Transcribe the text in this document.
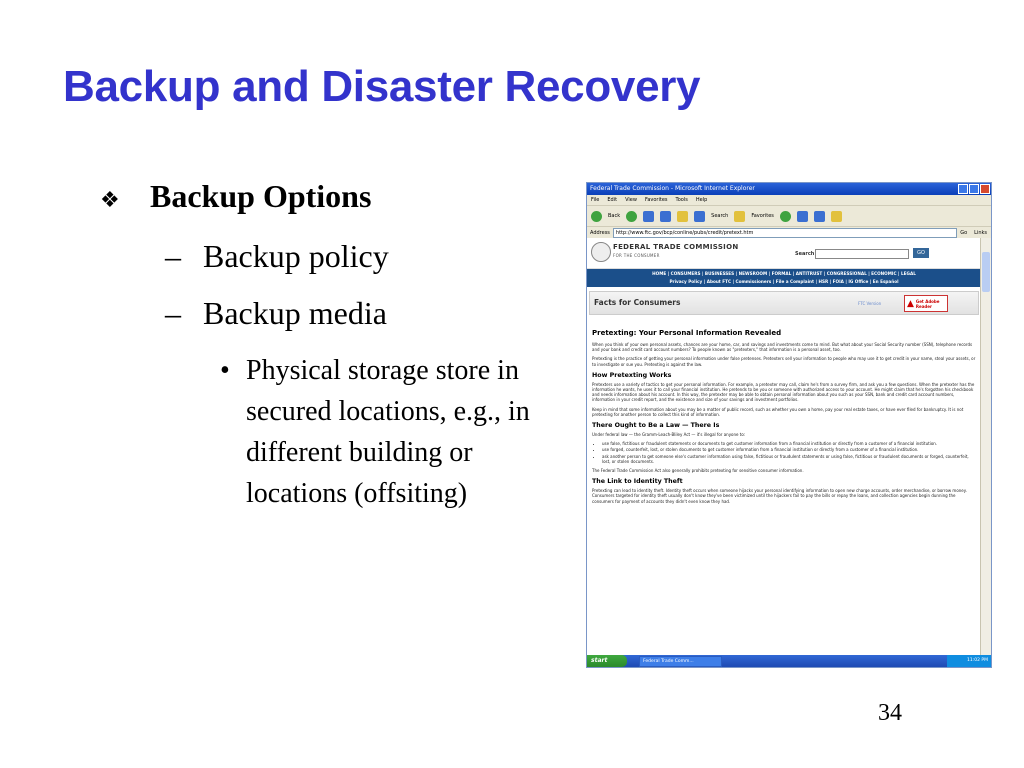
Backup and Disaster Recovery
❖ Backup Options
– Backup policy
– Backup media
• Physical storage store in secured locations, e.g., in different building or locations (offsiting)
Federal Trade Commission - Microsoft Internet Explorer
File Edit View Favorites Tools Help
Back	Search	Favorites
Address	http://www.ftc.gov/bcp/conline/pubs/credit/pretext.htm	Go	Links
FEDERAL TRADE COMMISSION
FOR THE CONSUMER	Search	GO
HOME | CONSUMERS | BUSINESSES | NEWSROOM | FORMAL | ANTITRUST | CONGRESSIONAL | ECONOMIC | LEGAL
Privacy Policy | About FTC | Commissioners | File a Complaint | HSR | FOIA | IG Office | En Español
Facts for Consumers	FTC Version	▲ Get Adobe Reader
Pretexting: Your Personal Information Revealed

When you think of your own personal assets, chances are your home, car, and savings and investments come to mind. But what about your Social Security number (SSN), telephone records and your bank and credit card account numbers? To people known as "pretexters," that information is a personal asset, too.

Pretexting is the practice of getting your personal information under false pretenses. Pretexters sell your information to people who may use it to get credit in your name, steal your assets, or to investigate or sue you. Pretexting is against the law.

How Pretexting Works

Pretexters use a variety of tactics to get your personal information. For example, a pretexter may call, claim he's from a survey firm, and ask you a few questions. When the pretexter has the information he wants, he uses it to call your financial institution. He pretends to be you or someone with authorized access to your account. He might claim that he's forgotten his checkbook and needs information about his account. In this way, the pretexter may be able to obtain personal information about you such as your SSN, bank and credit card account numbers, information in your credit report, and the existence and size of your savings and investment portfolios.

Keep in mind that some information about you may be a matter of public record, such as whether you own a home, pay your real estate taxes, or have ever filed for bankruptcy. It is not pretexting for another person to collect this kind of information.

There Ought to Be a Law — There Is

Under federal law — the Gramm-Leach-Bliley Act — it's illegal for anyone to:

• use false, fictitious or fraudulent statements or documents to get customer information from a financial institution or directly from a customer of a financial institution.
• use forged, counterfeit, lost, or stolen documents to get customer information from a financial institution or directly from a customer of a financial institution.
• ask another person to get someone else's customer information using false, fictitious or fraudulent statements or using false, fictitious or fraudulent documents or forged, counterfeit, lost, or stolen documents.

The Federal Trade Commission Act also generally prohibits pretexting for sensitive consumer information.

The Link to Identity Theft

Pretexting can lead to identity theft. Identity theft occurs when someone hijacks your personal identifying information to open new charge accounts, order merchandise, or borrow money. Consumers targeted for identity theft usually don't know they've been victimized until the hijackers fail to pay the bills or repay the loans, and collection agencies begin dunning the consumers for payment of accounts they didn't even know they had.

start	Federal Trade Comm...	11:02 PM
34
